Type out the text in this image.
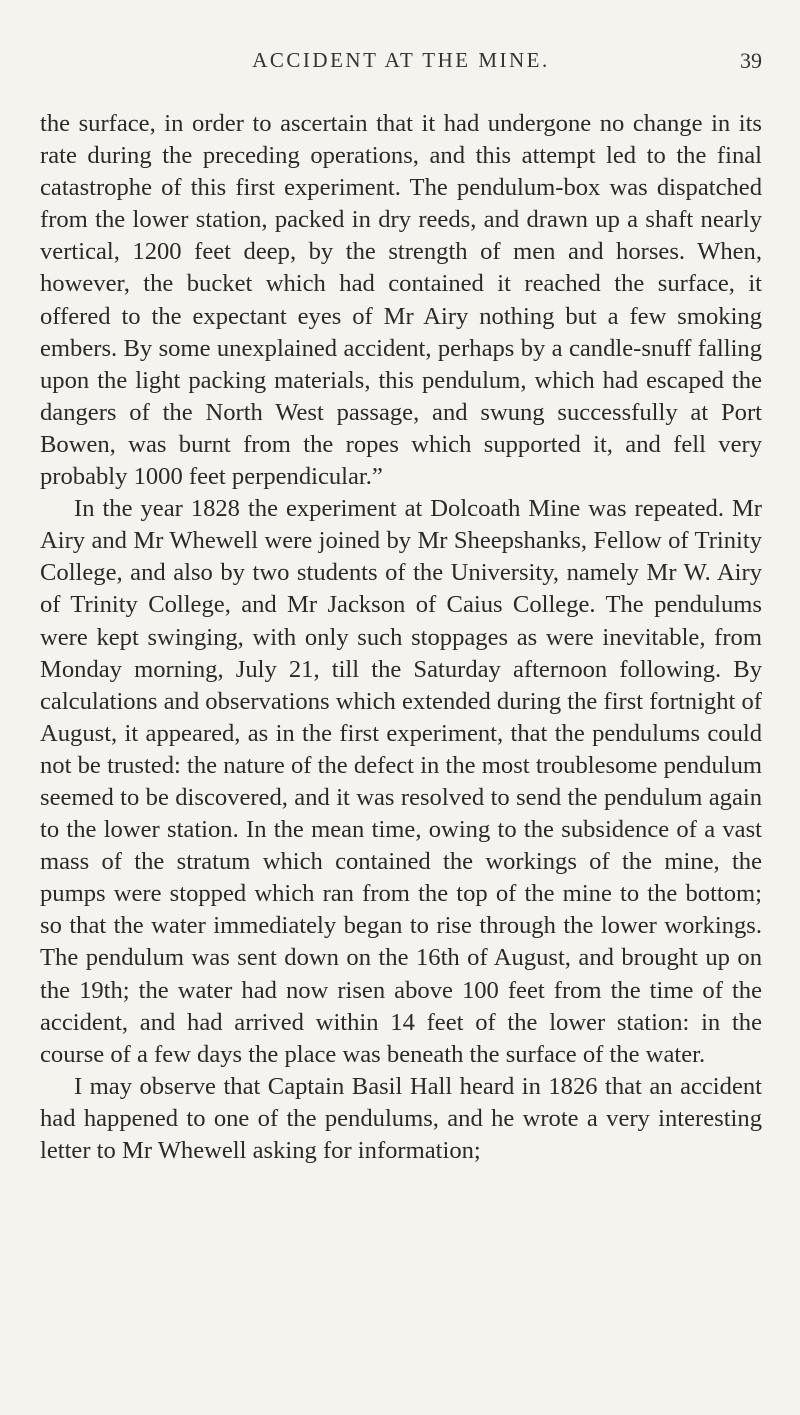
ACCIDENT AT THE MINE.	39

the surface, in order to ascertain that it had undergone no change in its rate during the preceding operations, and this attempt led to the final catastrophe of this first experiment. The pendulum-box was dispatched from the lower station, packed in dry reeds, and drawn up a shaft nearly vertical, 1200 feet deep, by the strength of men and horses. When, however, the bucket which had contained it reached the surface, it offered to the expectant eyes of Mr Airy nothing but a few smoking embers. By some unexplained accident, perhaps by a candle-snuff falling upon the light packing materials, this pendulum, which had escaped the dangers of the North West passage, and swung successfully at Port Bowen, was burnt from the ropes which supported it, and fell very probably 1000 feet perpendicular.”

In the year 1828 the experiment at Dolcoath Mine was repeated. Mr Airy and Mr Whewell were joined by Mr Sheepshanks, Fellow of Trinity College, and also by two students of the University, namely Mr W. Airy of Trinity College, and Mr Jackson of Caius College. The pendulums were kept swinging, with only such stoppages as were inevitable, from Monday morning, July 21, till the Saturday afternoon following. By calculations and observations which extended during the first fortnight of August, it appeared, as in the first experiment, that the pendulums could not be trusted: the nature of the defect in the most troublesome pendulum seemed to be discovered, and it was resolved to send the pendulum again to the lower station. In the mean time, owing to the subsidence of a vast mass of the stratum which contained the workings of the mine, the pumps were stopped which ran from the top of the mine to the bottom; so that the water immediately began to rise through the lower workings. The pendulum was sent down on the 16th of August, and brought up on the 19th; the water had now risen above 100 feet from the time of the accident, and had arrived within 14 feet of the lower station: in the course of a few days the place was beneath the surface of the water.

I may observe that Captain Basil Hall heard in 1826 that an accident had happened to one of the pendulums, and he wrote a very interesting letter to Mr Whewell asking for information;
